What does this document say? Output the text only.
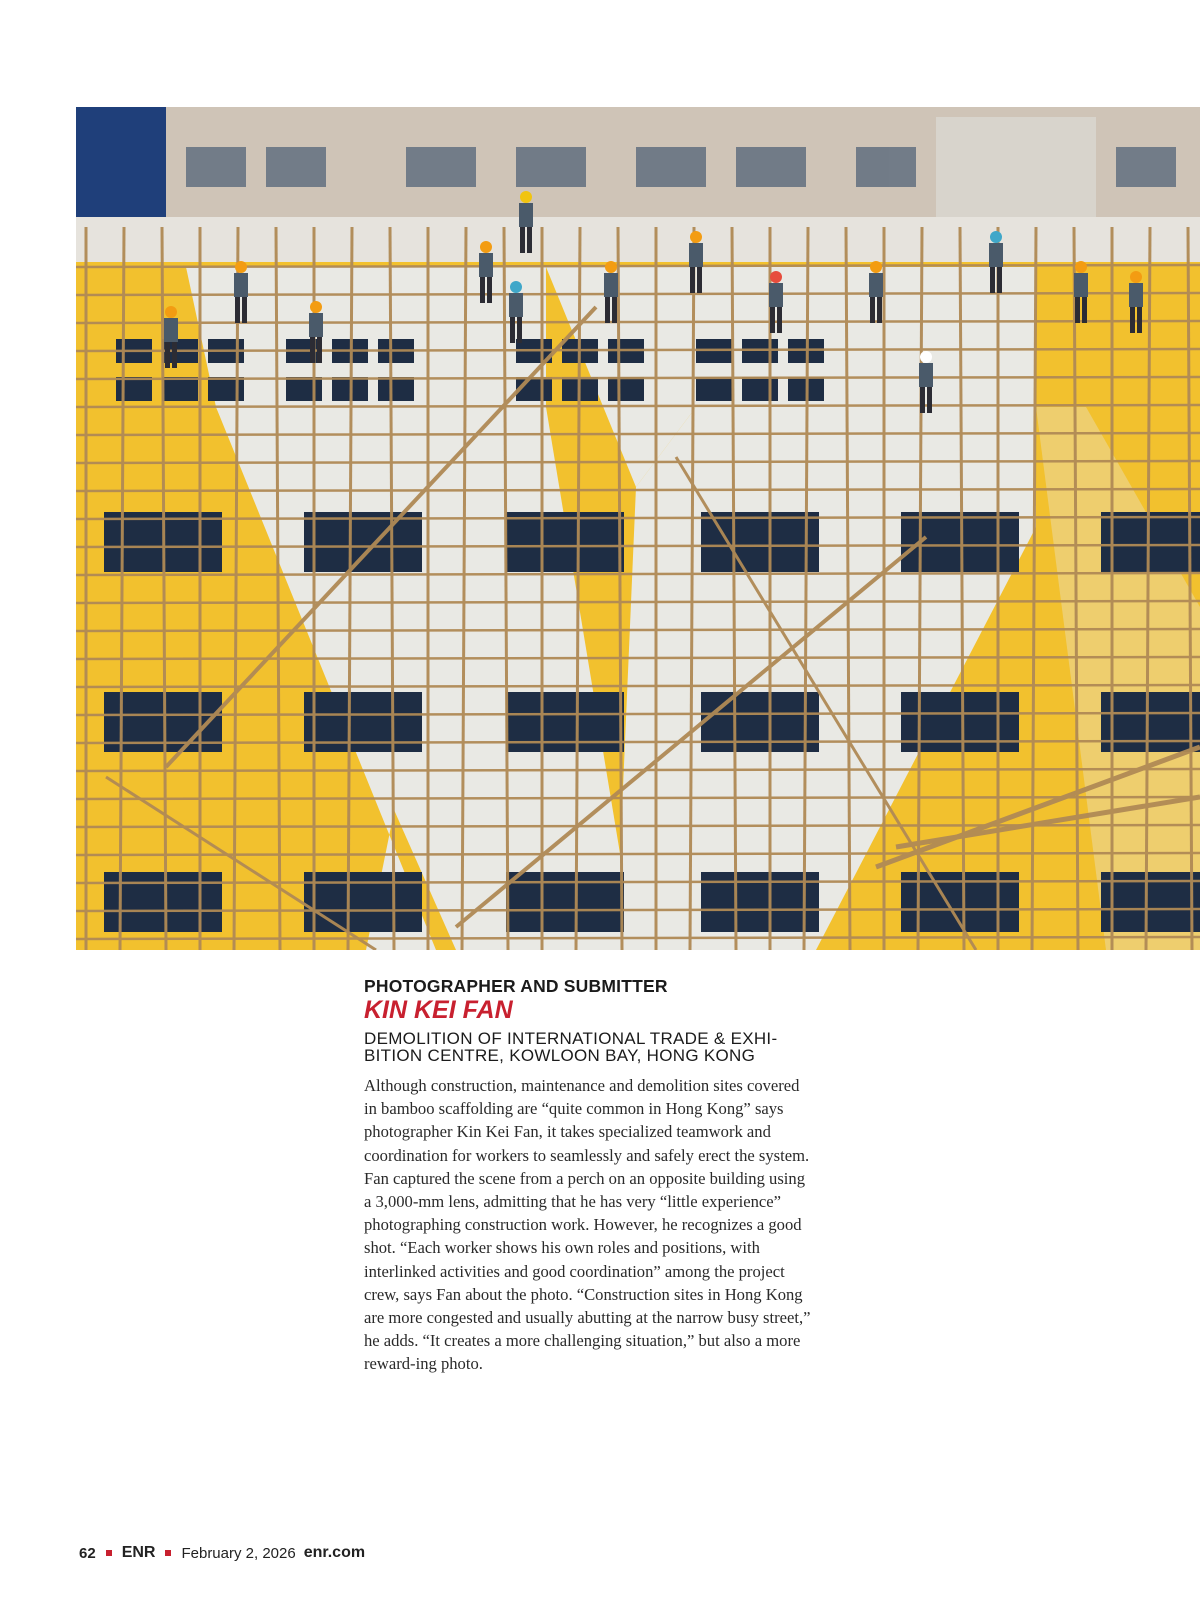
PHOTOGRAPHER AND SUBMITTER

KIN KEI FAN

DEMOLITION OF INTERNATIONAL TRADE & EXHI-BITION CENTRE, KOWLOON BAY, HONG KONG

Although construction, maintenance and demolition sites covered in bamboo scaffolding are “quite common in Hong Kong” says photographer Kin Kei Fan, it takes specialized teamwork and coordination for workers to seamlessly and safely erect the system. Fan captured the scene from a perch on an opposite building using a 3,000-mm lens, admitting that he has very “little experience” photographing construction work. However, he recognizes a good shot. “Each worker shows his own roles and positions, with interlinked activities and good coordination” among the project crew, says Fan about the photo. “Construction sites in Hong Kong are more congested and usually abutting at the narrow busy street,” he adds. “It creates a more challenging situation,” but also a more reward-ing photo.

62 ENR February 2, 2026 enr.com
